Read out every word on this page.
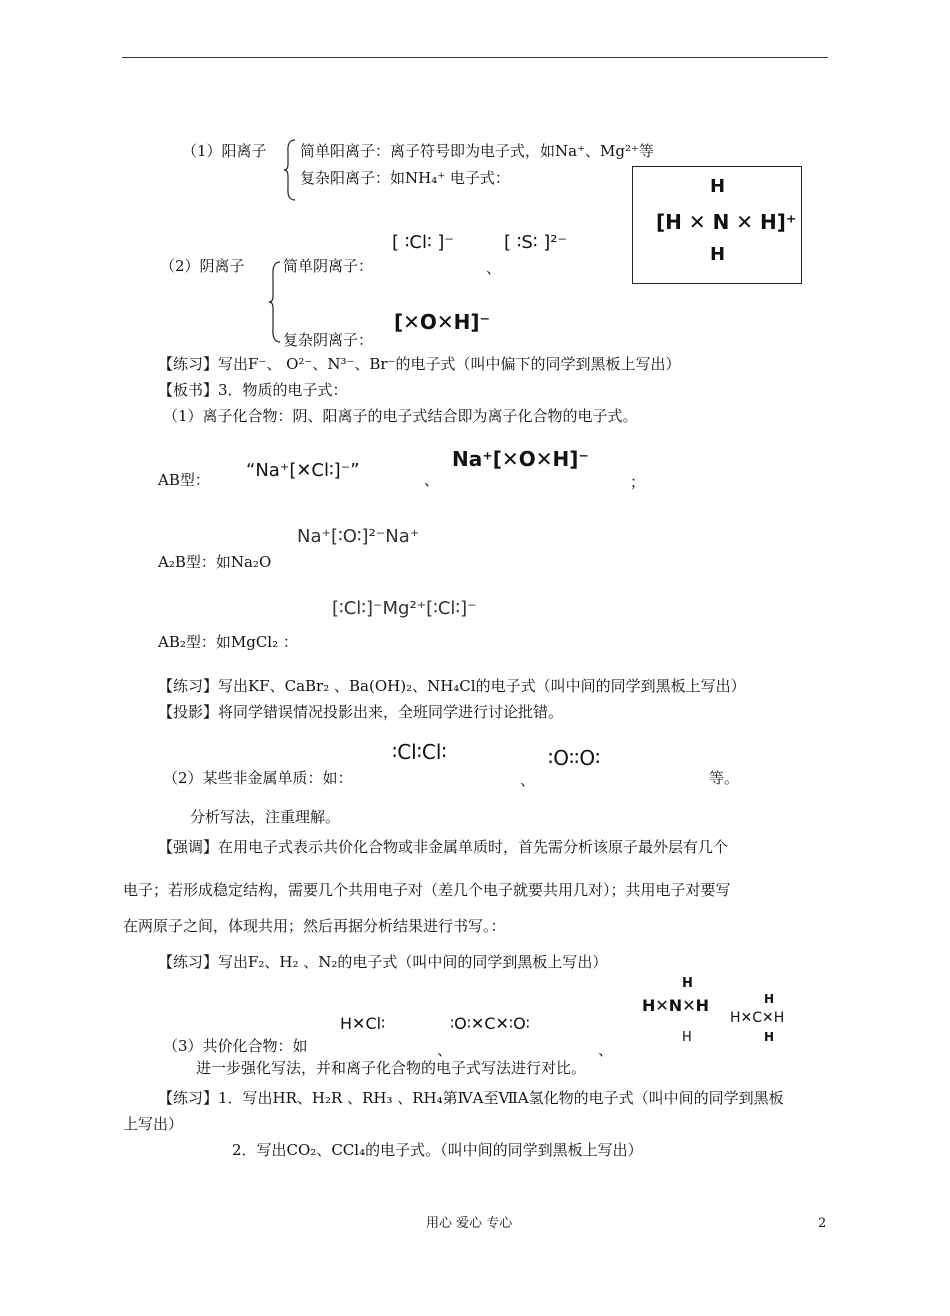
（1）阳离子 简单阳离子：离子符号即为电子式，如Na⁺、Mg²⁺等
复杂阳离子：如NH₄⁺ 电子式：	H
[H ✕ N ✕ H]⁺
H
[ ∶Cl∶ ]⁻	[ ∶S∶ ]²⁻
（2）阴离子	简单阴离子：	、
[✕O✕H]⁻
复杂阴离子：
【练习】写出F⁻、 O²⁻、N³⁻、Br⁻的电子式（叫中偏下的同学到黑板上写出）
【板书】3．物质的电子式：
（1）离子化合物：阴、阳离子的电子式结合即为离子化合物的电子式。
“Na⁺[✕Cl∶]⁻”	Na⁺[✕O✕H]⁻
AB型：	、	；
Na⁺[∶O∶]²⁻Na⁺
A₂B型：如Na₂O
[∶Cl∶]⁻Mg²⁺[∶Cl∶]⁻
AB₂型：如MgCl₂ ：
【练习】写出KF、CaBr₂ 、Ba(OH)₂、NH₄Cl的电子式（叫中间的同学到黑板上写出）
【投影】将同学错误情况投影出来，全班同学进行讨论批错。
∶Cl∶Cl∶	∶O∶∶O∶
（2）某些非金属单质：如：	、	等。
分析写法，注重理解。
【强调】在用电子式表示共价化合物或非金属单质时，首先需分析该原子最外层有几个
电子；若形成稳定结构，需要几个共用电子对（差几个电子就要共用几对）；共用电子对要写
在两原子之间，体现共用；然后再据分析结果进行书写。：
【练习】写出F₂、H₂ 、N₂的电子式（叫中间的同学到黑板上写出）
H✕Cl∶	∶O∶✕C✕∶O∶
H
H✕N✕H
H
H
H✕C✕H
H
（3）共价化合物：如	、	、
进一步强化写法，并和离子化合物的电子式写法进行对比。
【练习】1．写出HR、H₂R 、RH₃ 、RH₄第ⅣA至ⅦA氢化物的电子式（叫中间的同学到黑板
上写出）
2．写出CO₂、CCl₄的电子式。（叫中间的同学到黑板上写出）
用心 爱心 专心	2
